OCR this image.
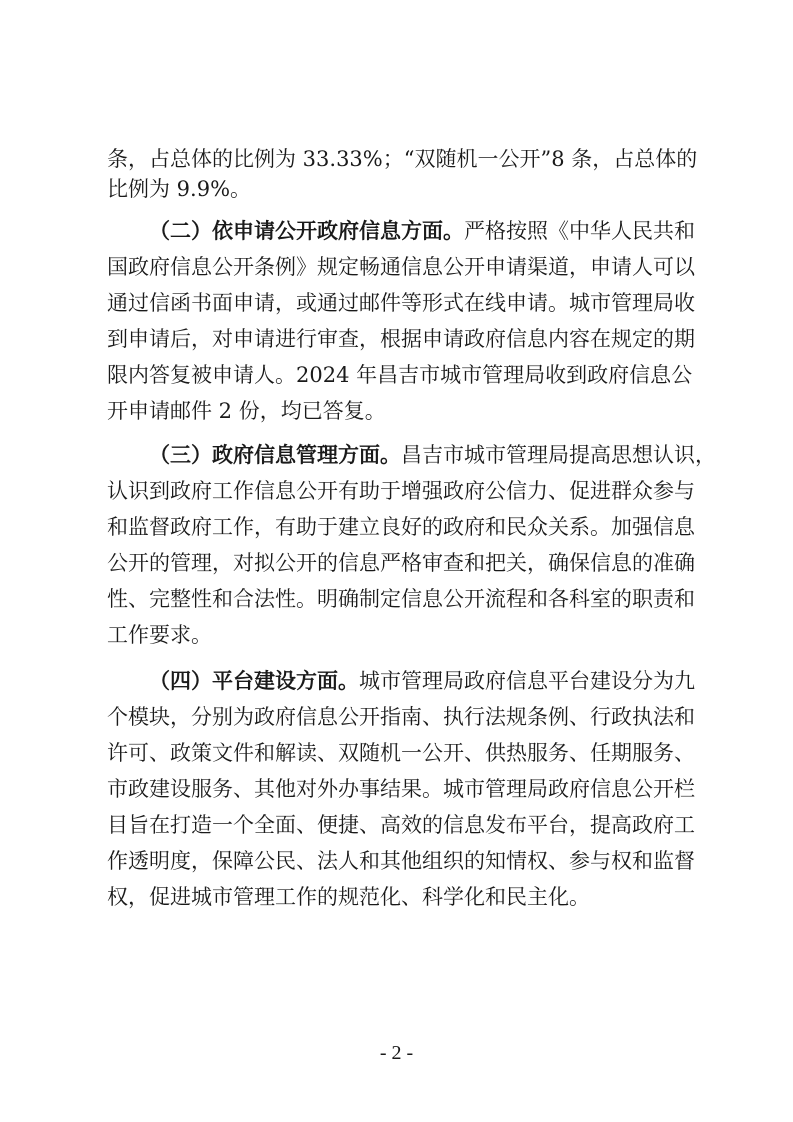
条，占总体的比例为 33.33%；“双随机一公开”8 条，占总体的
比例为 9.9%。
（二）依申请公开政府信息方面。严格按照《中华人民共和
国政府信息公开条例》规定畅通信息公开申请渠道，申请人可以
通过信函书面申请，或通过邮件等形式在线申请。城市管理局收
到申请后，对申请进行审查，根据申请政府信息内容在规定的期
限内答复被申请人。2024 年昌吉市城市管理局收到政府信息公
开申请邮件 2 份，均已答复。
（三）政府信息管理方面。昌吉市城市管理局提高思想认识，
认识到政府工作信息公开有助于增强政府公信力、促进群众参与
和监督政府工作，有助于建立良好的政府和民众关系。加强信息
公开的管理，对拟公开的信息严格审查和把关，确保信息的准确
性、完整性和合法性。明确制定信息公开流程和各科室的职责和
工作要求。
（四）平台建设方面。城市管理局政府信息平台建设分为九
个模块，分别为政府信息公开指南、执行法规条例、行政执法和
许可、政策文件和解读、双随机一公开、供热服务、任期服务、
市政建设服务、其他对外办事结果。城市管理局政府信息公开栏
目旨在打造一个全面、便捷、高效的信息发布平台，提高政府工
作透明度，保障公民、法人和其他组织的知情权、参与权和监督
权，促进城市管理工作的规范化、科学化和民主化。
- 2 -
